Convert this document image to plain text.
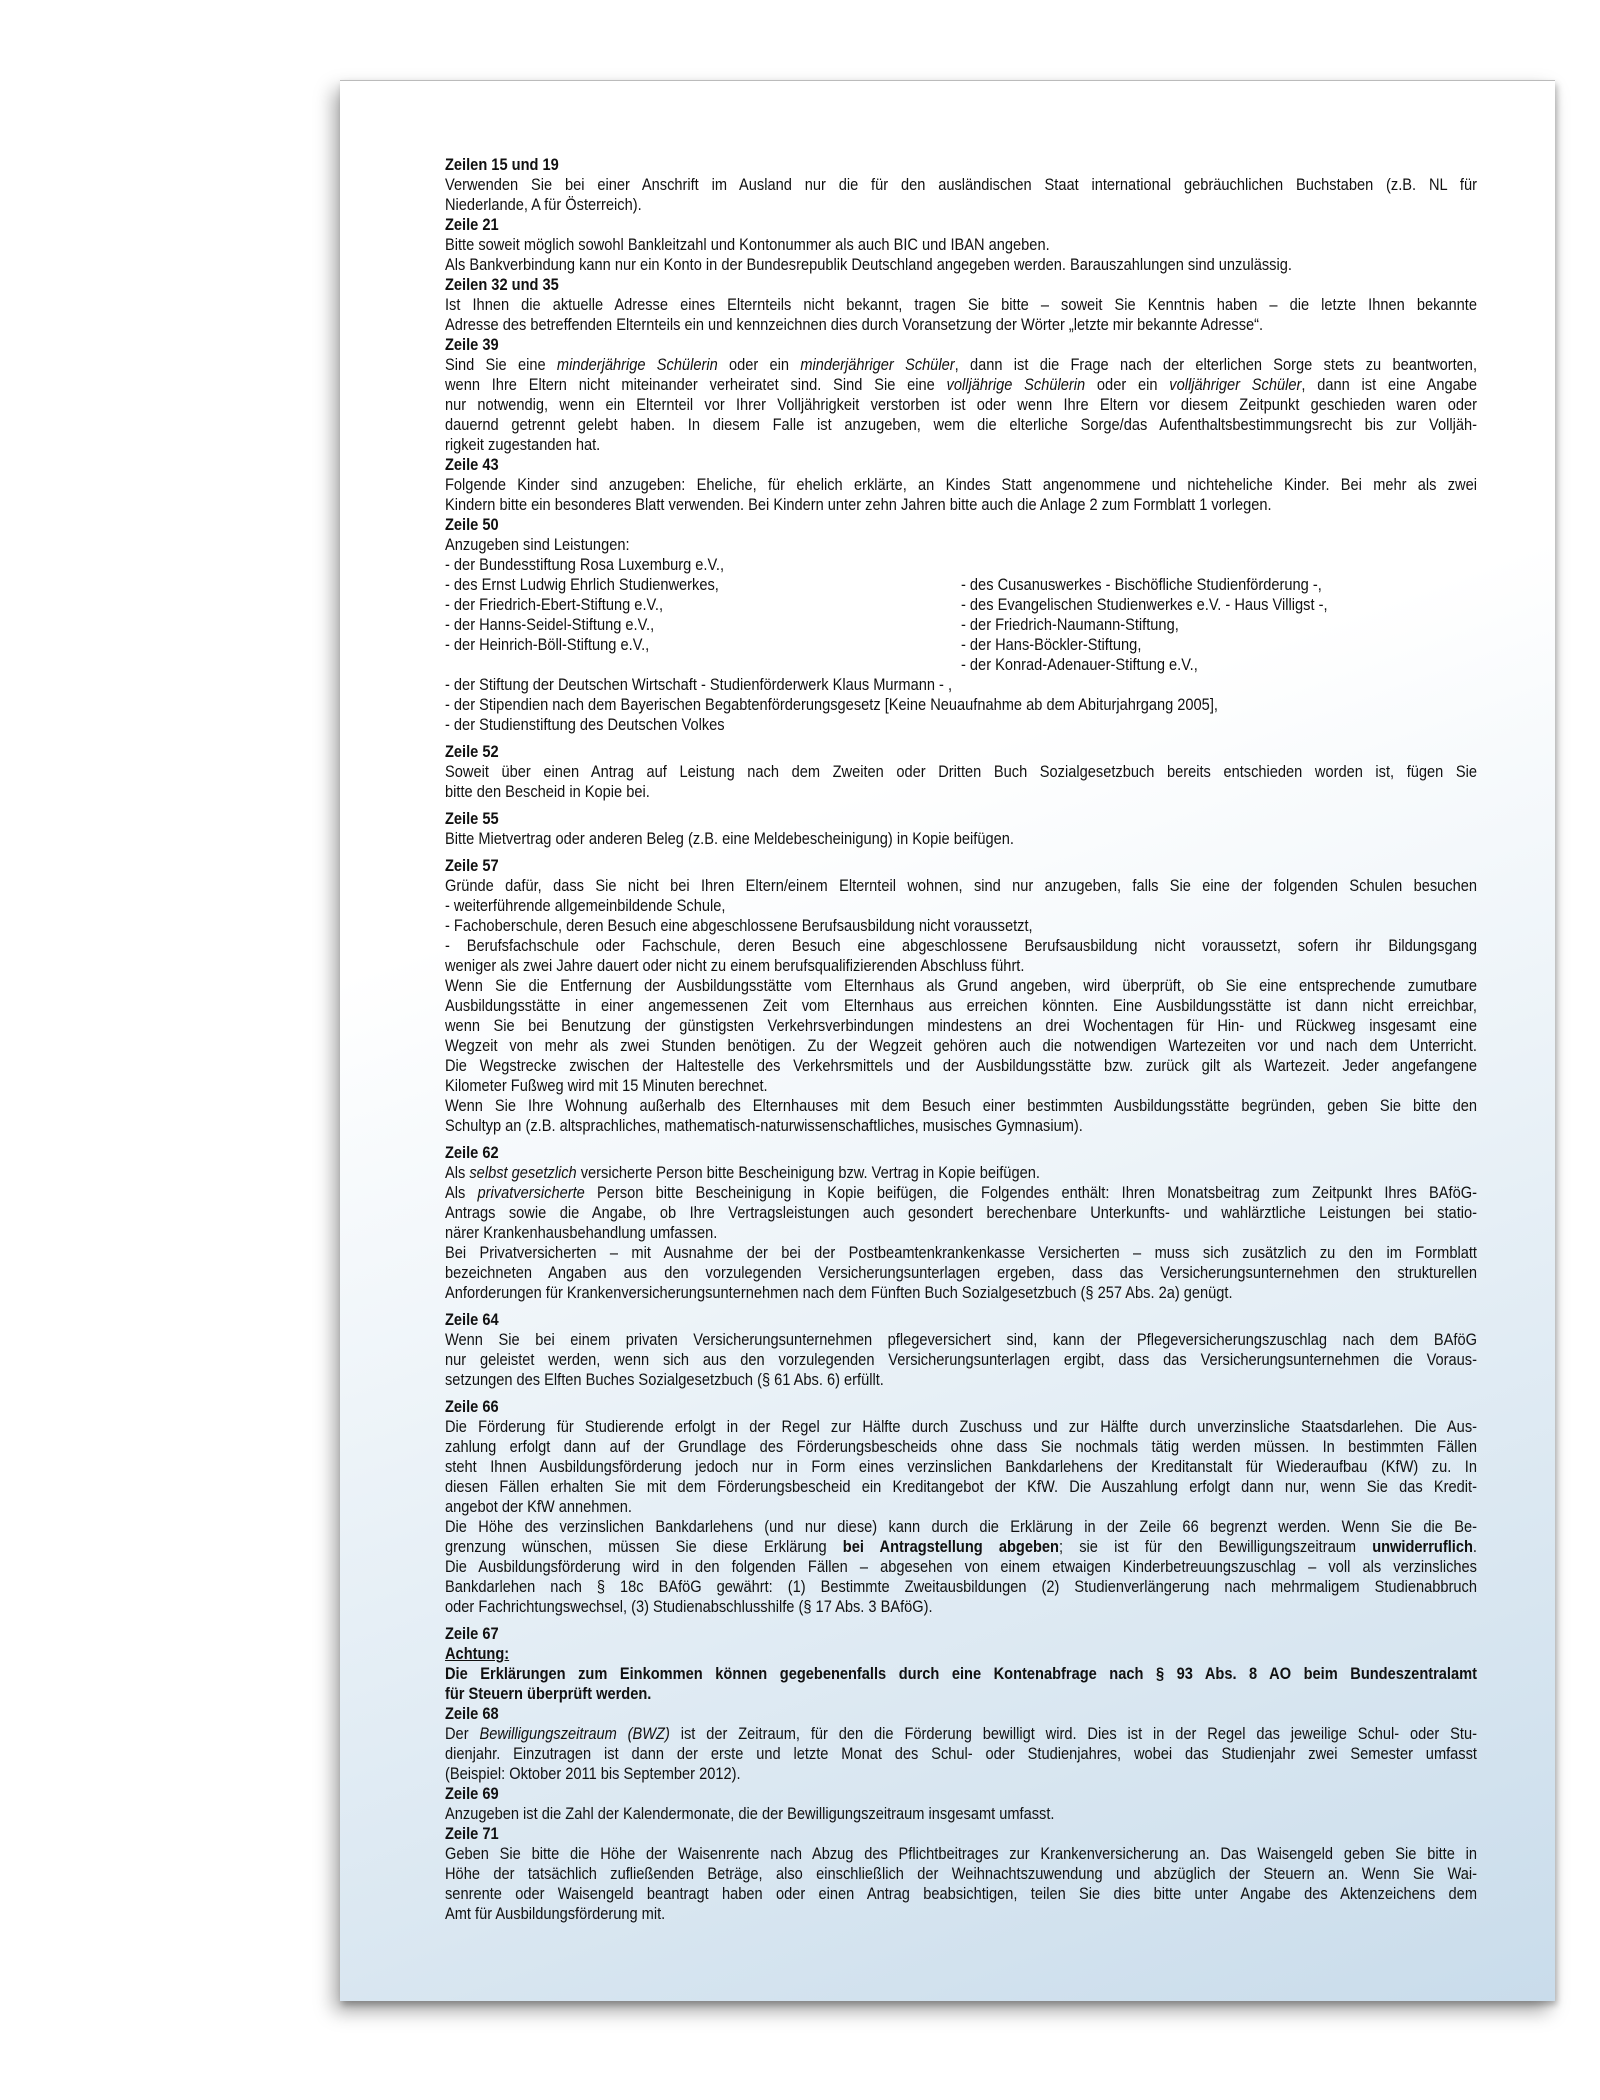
Zeilen 15 und 19
Verwenden Sie bei einer Anschrift im Ausland nur die für den ausländischen Staat international gebräuchlichen Buchstaben (z.B. NL für
Niederlande, A für Österreich).
Zeile 21
Bitte soweit möglich sowohl Bankleitzahl und Kontonummer als auch BIC und IBAN angeben.
Als Bankverbindung kann nur ein Konto in der Bundesrepublik Deutschland angegeben werden. Barauszahlungen sind unzulässig.
Zeilen 32 und 35
Ist Ihnen die aktuelle Adresse eines Elternteils nicht bekannt, tragen Sie bitte – soweit Sie Kenntnis haben – die letzte Ihnen bekannte
Adresse des betreffenden Elternteils ein und kennzeichnen dies durch Voransetzung der Wörter „letzte mir bekannte Adresse“.
Zeile 39
Sind Sie eine minderjährige Schülerin oder ein minderjähriger Schüler, dann ist die Frage nach der elterlichen Sorge stets zu beantworten,
wenn Ihre Eltern nicht miteinander verheiratet sind. Sind Sie eine volljährige Schülerin oder ein volljähriger Schüler, dann ist eine Angabe
nur notwendig, wenn ein Elternteil vor Ihrer Volljährigkeit verstorben ist oder wenn Ihre Eltern vor diesem Zeitpunkt geschieden waren oder
dauernd getrennt gelebt haben. In diesem Falle ist anzugeben, wem die elterliche Sorge/das Aufenthaltsbestimmungsrecht bis zur Volljäh-
rigkeit zugestanden hat.
Zeile 43
Folgende Kinder sind anzugeben: Eheliche, für ehelich erklärte, an Kindes Statt angenommene und nichteheliche Kinder. Bei mehr als zwei
Kindern bitte ein besonderes Blatt verwenden. Bei Kindern unter zehn Jahren bitte auch die Anlage 2 zum Formblatt 1 vorlegen.
Zeile 50
Anzugeben sind Leistungen:
- der Bundesstiftung Rosa Luxemburg e.V.,
- des Ernst Ludwig Ehrlich Studienwerkes,
- der Friedrich-Ebert-Stiftung e.V.,
- der Hanns-Seidel-Stiftung e.V.,
- der Heinrich-Böll-Stiftung e.V.,
- des Cusanuswerkes - Bischöfliche Studienförderung -,
- des Evangelischen Studienwerkes e.V. - Haus Villigst -,
- der Friedrich-Naumann-Stiftung,
- der Hans-Böckler-Stiftung,
- der Konrad-Adenauer-Stiftung e.V.,
- der Stiftung der Deutschen Wirtschaft - Studienförderwerk Klaus Murmann - ,
- der Stipendien nach dem Bayerischen Begabtenförderungsgesetz [Keine Neuaufnahme ab dem Abiturjahrgang 2005],
- der Studienstiftung des Deutschen Volkes
Zeile 52
Soweit über einen Antrag auf Leistung nach dem Zweiten oder Dritten Buch Sozialgesetzbuch bereits entschieden worden ist, fügen Sie
bitte den Bescheid in Kopie bei.
Zeile 55
Bitte Mietvertrag oder anderen Beleg (z.B. eine Meldebescheinigung) in Kopie beifügen.
Zeile 57
Gründe dafür, dass Sie nicht bei Ihren Eltern/einem Elternteil wohnen, sind nur anzugeben, falls Sie eine der folgenden Schulen besuchen
- weiterführende allgemeinbildende Schule,
- Fachoberschule, deren Besuch eine abgeschlossene Berufsausbildung nicht voraussetzt,
- Berufsfachschule oder Fachschule, deren Besuch eine abgeschlossene Berufsausbildung nicht voraussetzt, sofern ihr Bildungsgang
weniger als zwei Jahre dauert oder nicht zu einem berufsqualifizierenden Abschluss führt.
Wenn Sie die Entfernung der Ausbildungsstätte vom Elternhaus als Grund angeben, wird überprüft, ob Sie eine entsprechende zumutbare
Ausbildungsstätte in einer angemessenen Zeit vom Elternhaus aus erreichen könnten. Eine Ausbildungsstätte ist dann nicht erreichbar,
wenn Sie bei Benutzung der günstigsten Verkehrsverbindungen mindestens an drei Wochentagen für Hin- und Rückweg insgesamt eine
Wegzeit von mehr als zwei Stunden benötigen. Zu der Wegzeit gehören auch die notwendigen Wartezeiten vor und nach dem Unterricht.
Die Wegstrecke zwischen der Haltestelle des Verkehrsmittels und der Ausbildungsstätte bzw. zurück gilt als Wartezeit. Jeder angefangene
Kilometer Fußweg wird mit 15 Minuten berechnet.
Wenn Sie Ihre Wohnung außerhalb des Elternhauses mit dem Besuch einer bestimmten Ausbildungsstätte begründen, geben Sie bitte den
Schultyp an (z.B. altsprachliches, mathematisch-naturwissenschaftliches, musisches Gymnasium).
Zeile 62
Als selbst gesetzlich versicherte Person bitte Bescheinigung bzw. Vertrag in Kopie beifügen.
Als privatversicherte Person bitte Bescheinigung in Kopie beifügen, die Folgendes enthält: Ihren Monatsbeitrag zum Zeitpunkt Ihres BAföG-
Antrags sowie die Angabe, ob Ihre Vertragsleistungen auch gesondert berechenbare Unterkunfts- und wahlärztliche Leistungen bei statio-
närer Krankenhausbehandlung umfassen.
Bei Privatversicherten – mit Ausnahme der bei der Postbeamtenkrankenkasse Versicherten – muss sich zusätzlich zu den im Formblatt
bezeichneten Angaben aus den vorzulegenden Versicherungsunterlagen ergeben, dass das Versicherungsunternehmen den strukturellen
Anforderungen für Krankenversicherungsunternehmen nach dem Fünften Buch Sozialgesetzbuch (§ 257 Abs. 2a) genügt.
Zeile 64
Wenn Sie bei einem privaten Versicherungsunternehmen pflegeversichert sind, kann der Pflegeversicherungszuschlag nach dem BAföG
nur geleistet werden, wenn sich aus den vorzulegenden Versicherungsunterlagen ergibt, dass das Versicherungsunternehmen die Voraus-
setzungen des Elften Buches Sozialgesetzbuch (§ 61 Abs. 6) erfüllt.
Zeile 66
Die Förderung für Studierende erfolgt in der Regel zur Hälfte durch Zuschuss und zur Hälfte durch unverzinsliche Staatsdarlehen. Die Aus-
zahlung erfolgt dann auf der Grundlage des Förderungsbescheids ohne dass Sie nochmals tätig werden müssen. In bestimmten Fällen
steht Ihnen Ausbildungsförderung jedoch nur in Form eines verzinslichen Bankdarlehens der Kreditanstalt für Wiederaufbau (KfW) zu. In
diesen Fällen erhalten Sie mit dem Förderungsbescheid ein Kreditangebot der KfW. Die Auszahlung erfolgt dann nur, wenn Sie das Kredit-
angebot der KfW annehmen.
Die Höhe des verzinslichen Bankdarlehens (und nur diese) kann durch die Erklärung in der Zeile 66 begrenzt werden. Wenn Sie die Be-
grenzung wünschen, müssen Sie diese Erklärung bei Antragstellung abgeben; sie ist für den Bewilligungszeitraum unwiderruflich.
Die Ausbildungsförderung wird in den folgenden Fällen – abgesehen von einem etwaigen Kinderbetreuungszuschlag – voll als verzinsliches
Bankdarlehen nach § 18c BAföG gewährt: (1) Bestimmte Zweitausbildungen (2) Studienverlängerung nach mehrmaligem Studienabbruch
oder Fachrichtungswechsel, (3) Studienabschlusshilfe (§ 17 Abs. 3 BAföG).
Zeile 67
Achtung:
Die Erklärungen zum Einkommen können gegebenenfalls durch eine Kontenabfrage nach § 93 Abs. 8 AO beim Bundeszentralamt
für Steuern überprüft werden.
Zeile 68
Der Bewilligungszeitraum (BWZ) ist der Zeitraum, für den die Förderung bewilligt wird. Dies ist in der Regel das jeweilige Schul- oder Stu-
dienjahr. Einzutragen ist dann der erste und letzte Monat des Schul- oder Studienjahres, wobei das Studienjahr zwei Semester umfasst
(Beispiel: Oktober 2011 bis September 2012).
Zeile 69
Anzugeben ist die Zahl der Kalendermonate, die der Bewilligungszeitraum insgesamt umfasst.
Zeile 71
Geben Sie bitte die Höhe der Waisenrente nach Abzug des Pflichtbeitrages zur Krankenversicherung an. Das Waisengeld geben Sie bitte in
Höhe der tatsächlich zufließenden Beträge, also einschließlich der Weihnachtszuwendung und abzüglich der Steuern an. Wenn Sie Wai-
senrente oder Waisengeld beantragt haben oder einen Antrag beabsichtigen, teilen Sie dies bitte unter Angabe des Aktenzeichens dem
Amt für Ausbildungsförderung mit.
